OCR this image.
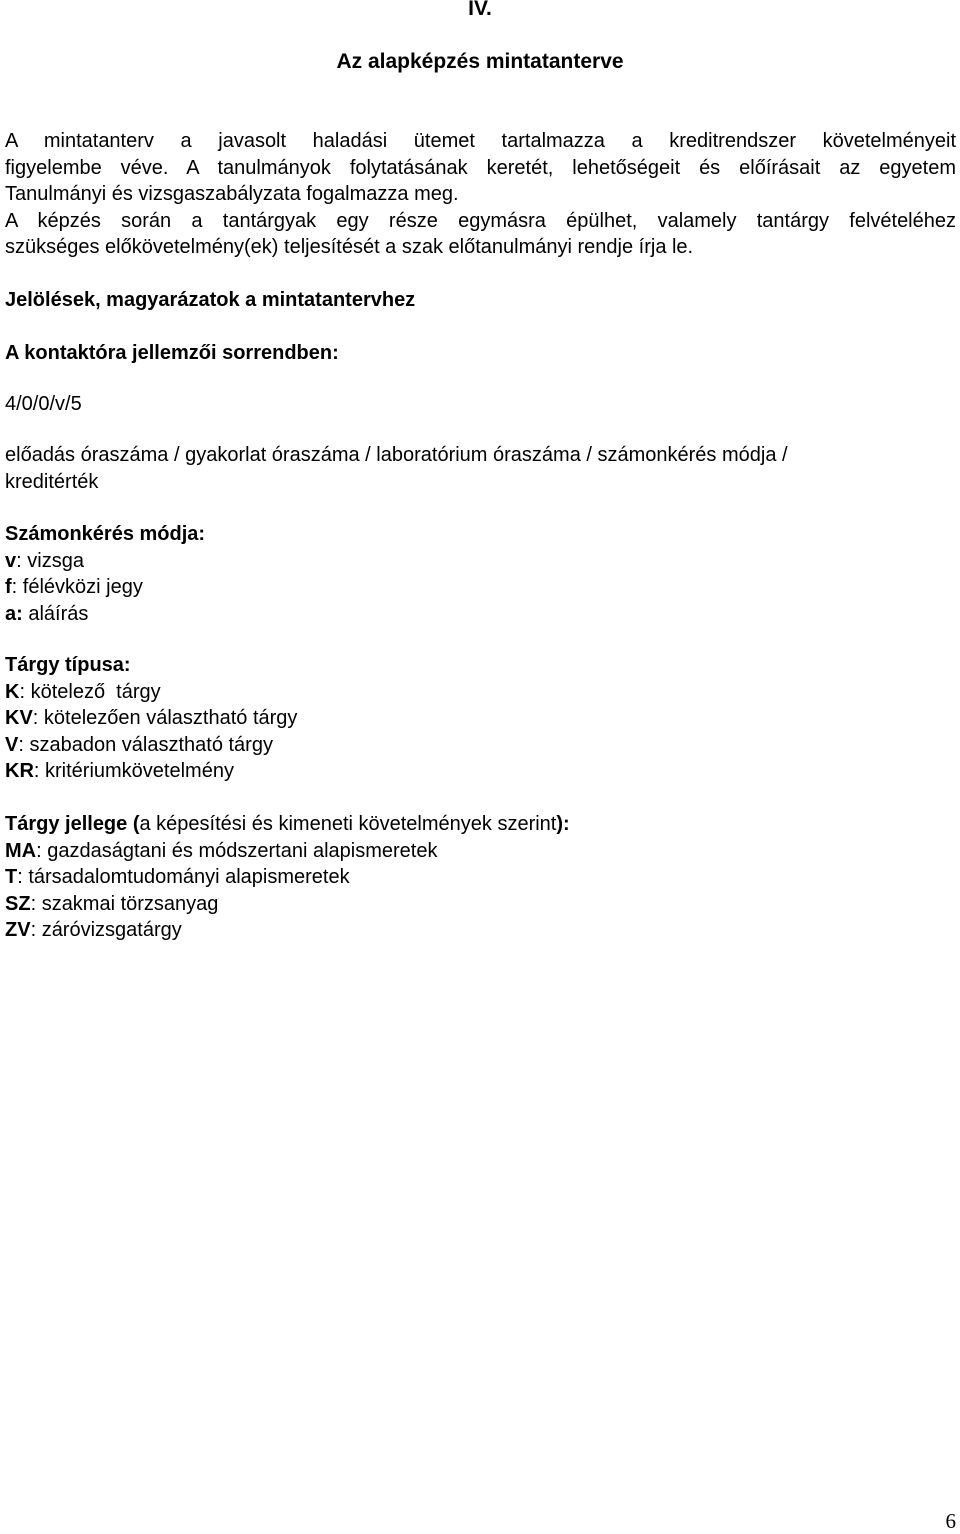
IV.
Az alapképzés mintatanterve
A mintatanterv a javasolt haladási ütemet tartalmazza a kreditrendszer követelményeit
figyelembe véve. A tanulmányok folytatásának keretét, lehetőségeit és előírásait az egyetem
Tanulmányi és vizsgaszabályzata fogalmazza meg.
A képzés során a tantárgyak egy része egymásra épülhet, valamely tantárgy felvételéhez
szükséges előkövetelmény(ek) teljesítését a szak előtanulmányi rendje írja le.
Jelölések, magyarázatok a mintatantervhez
A kontaktóra jellemzői sorrendben:
4/0/0/v/5
előadás óraszáma / gyakorlat óraszáma / laboratórium óraszáma / számonkérés módja /
kreditérték
Számonkérés módja:
v: vizsga
f: félévközi jegy
a: aláírás
Tárgy típusa:
K: kötelező  tárgy
KV: kötelezően választható tárgy
V: szabadon választható tárgy
KR: kritériumkövetelmény
Tárgy jellege (a képesítési és kimeneti követelmények szerint):
MA: gazdaságtani és módszertani alapismeretek
T: társadalomtudományi alapismeretek
SZ: szakmai törzsanyag
ZV: záróvizsgatárgy
6
